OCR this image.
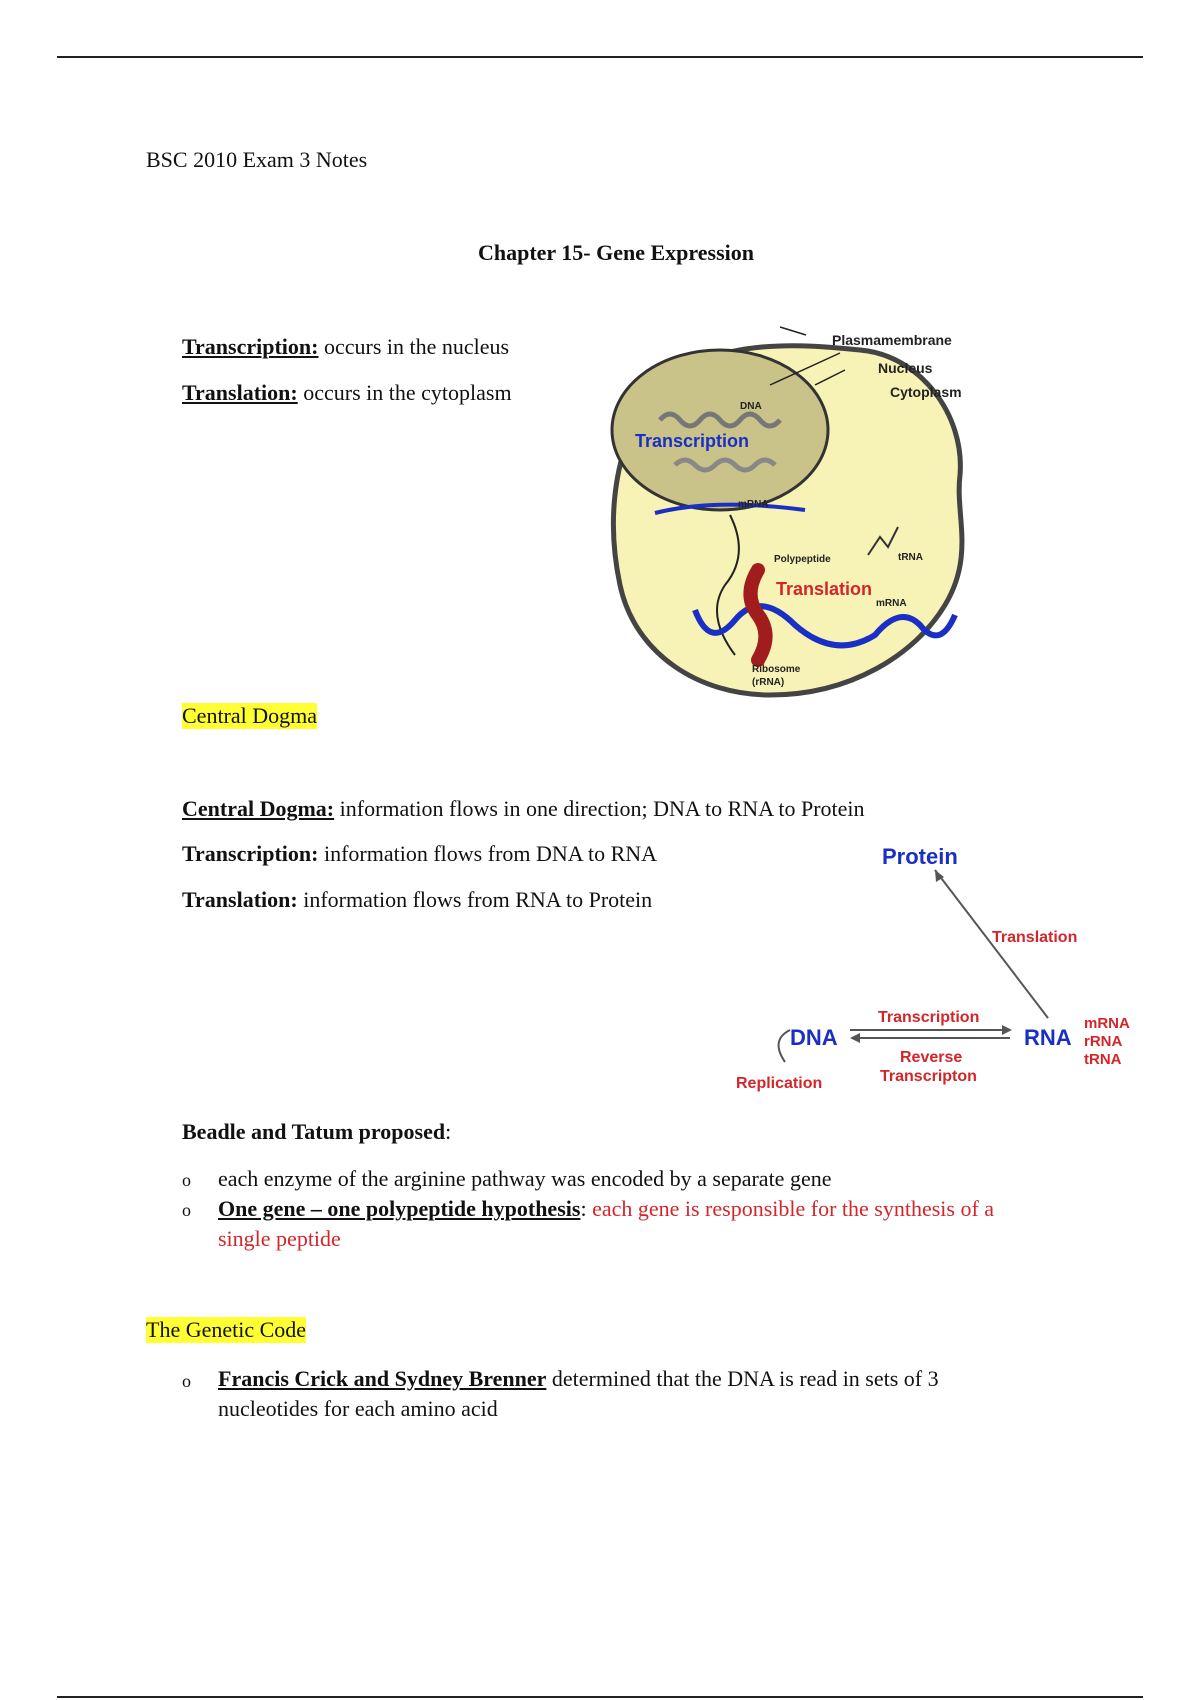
BSC 2010 Exam 3 Notes
Chapter 15- Gene Expression
Transcription: occurs in the nucleus
Translation: occurs in the cytoplasm
Plasmamembrane
Nucleus
Cytoplasm
DNA
Transcription
mRNA
Polypeptide	tRNA
Translation
mRNA
Ribosome
(rRNA)
Central Dogma
Central Dogma: information flows in one direction; DNA to RNA to Protein
Transcription: information flows from DNA to RNA
Translation: information flows from RNA to Protein
Protein
Translation
Transcription
DNA	RNA
mRNA
rRNA
tRNA
Reverse
Transcripton
Replication
Beadle and Tatum proposed:
o each enzyme of the arginine pathway was encoded by a separate gene
o One gene – one polypeptide hypothesis: each gene is responsible for the synthesis of a
single peptide
The Genetic Code
o Francis Crick and Sydney Brenner determined that the DNA is read in sets of 3
nucleotides for each amino acid
